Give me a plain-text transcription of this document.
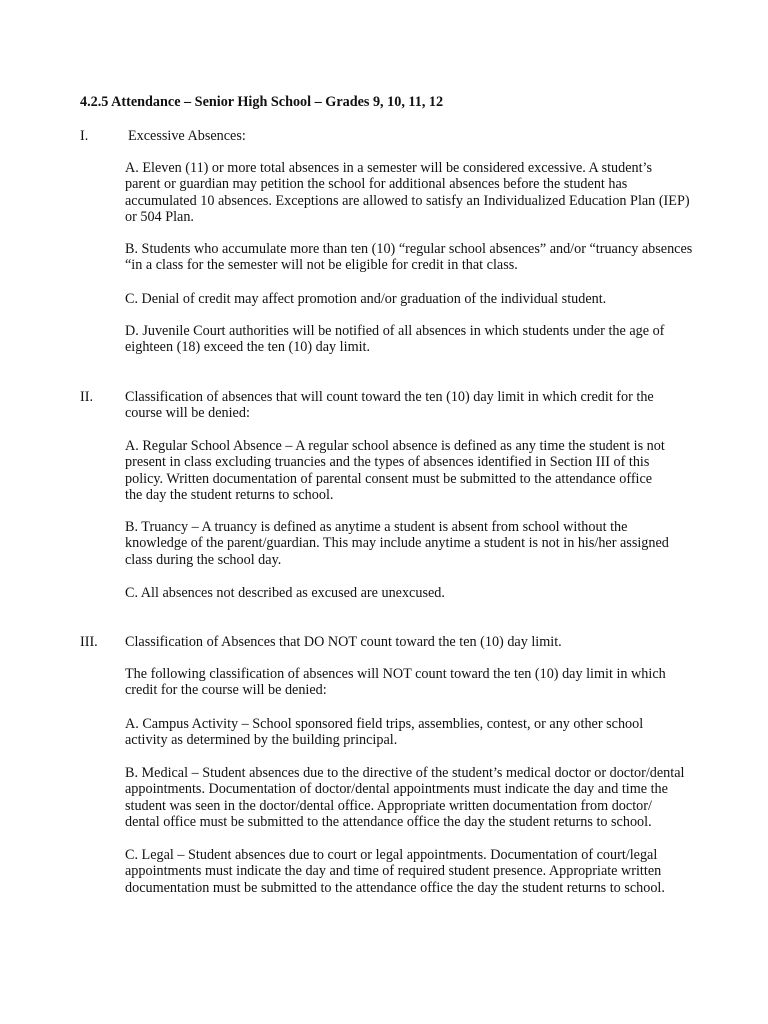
4.2.5 Attendance – Senior High School – Grades 9, 10, 11, 12
I.	Excessive Absences:
A. Eleven (11) or more total absences in a semester will be considered excessive. A student’s
parent or guardian may petition the school for additional absences before the student has
accumulated 10 absences. Exceptions are allowed to satisfy an Individualized Education Plan (IEP)
or 504 Plan.
B. Students who accumulate more than ten (10) “regular school absences” and/or “truancy absences
“in a class for the semester will not be eligible for credit in that class.
C. Denial of credit may affect promotion and/or graduation of the individual student.
D. Juvenile Court authorities will be notified of all absences in which students under the age of
eighteen (18) exceed the ten (10) day limit.
II. Classification of absences that will count toward the ten (10) day limit in which credit for the
course will be denied:
A. Regular School Absence – A regular school absence is defined as any time the student is not
present in class excluding truancies and the types of absences identified in Section III of this
policy. Written documentation of parental consent must be submitted to the attendance office
the day the student returns to school.
B. Truancy – A truancy is defined as anytime a student is absent from school without the
knowledge of the parent/guardian. This may include anytime a student is not in his/her assigned
class during the school day.
C. All absences not described as excused are unexcused.
III. Classification of Absences that DO NOT count toward the ten (10) day limit.
The following classification of absences will NOT count toward the ten (10) day limit in which
credit for the course will be denied:
A. Campus Activity – School sponsored field trips, assemblies, contest, or any other school
activity as determined by the building principal.
B. Medical – Student absences due to the directive of the student’s medical doctor or doctor/dental
appointments. Documentation of doctor/dental appointments must indicate the day and time the
student was seen in the doctor/dental office. Appropriate written documentation from doctor/
dental office must be submitted to the attendance office the day the student returns to school.
C. Legal – Student absences due to court or legal appointments. Documentation of court/legal
appointments must indicate the day and time of required student presence. Appropriate written
documentation must be submitted to the attendance office the day the student returns to school.
